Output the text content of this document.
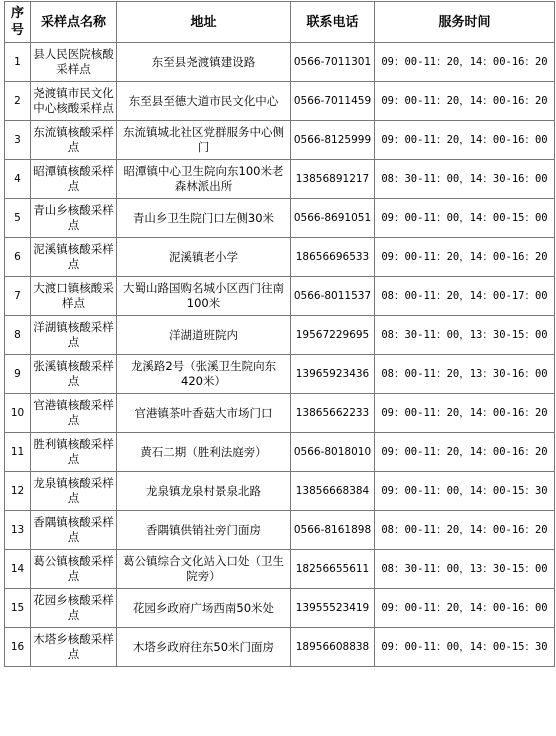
序号	采样点名称	地址	联系电话	服务时间
1	县人民医院核酸采样点	东至县尧渡镇建设路	0566-7011301	09：00-11：20，14：00-16：20
2	尧渡镇市民文化中心核酸采样点	东至县至德大道市民文化中心	0566-7011459	09：00-11：20，14：00-16：20
3	东流镇核酸采样点	东流镇城北社区党群服务中心侧门	0566-8125999	09：00-11：20，14：00-16：00
4	昭潭镇核酸采样点	昭潭镇中心卫生院向东100米老森林派出所	13856891217	08：30-11：00，14：30-16：00
5	青山乡核酸采样点	青山乡卫生院门口左侧30米	0566-8691051	09：00-11：00，14：00-15：00
6	泥溪镇核酸采样点	泥溪镇老小学	18656696533	09：00-11：20，14：00-16：20
7	大渡口镇核酸采样点	大蜀山路国购名城小区西门往南100米	0566-8011537	08：00-11：20，14：00-17：00
8	洋湖镇核酸采样点	洋湖道班院内	19567229695	08：30-11：00，13：30-15：00
9	张溪镇核酸采样点	龙溪路2号（张溪卫生院向东420米）	13965923436	08：00-11：20，13：30-16：00
10	官港镇核酸采样点	官港镇茶叶香菇大市场门口	13865662233	09：00-11：20，14：00-16：20
11	胜利镇核酸采样点	黄石二期（胜利法庭旁）	0566-8018010	09：00-11：20，14：00-16：20
12	龙泉镇核酸采样点	龙泉镇龙泉村景泉北路	13856668384	09：00-11：00，14：00-15：30
13	香隅镇核酸采样点	香隅镇供销社旁门面房	0566-8161898	08：00-11：20，14：00-16：20
14	葛公镇核酸采样点	葛公镇综合文化站入口处（卫生院旁）	18256655611	08：30-11：00，13：30-15：00
15	花园乡核酸采样点	花园乡政府广场西南50米处	13955523419	09：00-11：20，14：00-16：00
16	木塔乡核酸采样点	木塔乡政府往东50米门面房	18956608838	09：00-11：00，14：00-15：30
